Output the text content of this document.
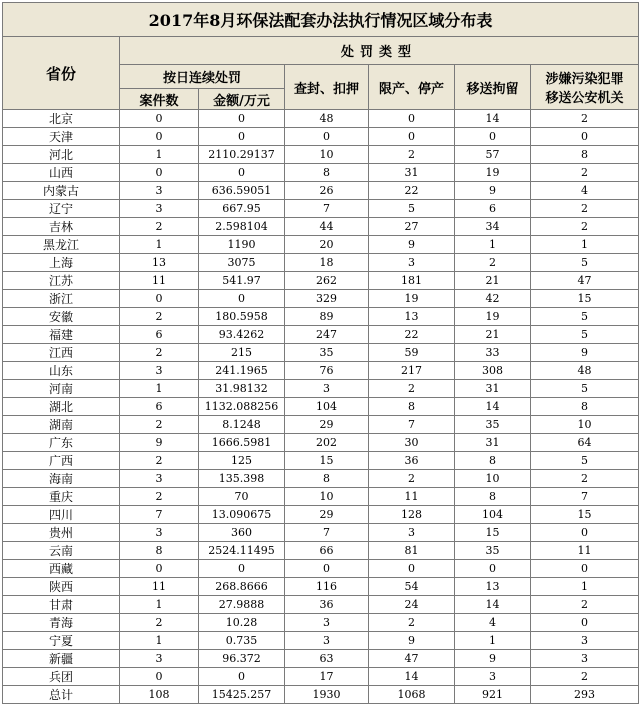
2017年8月环保法配套办法执行情况区域分布表						
省份	处罚类型					
	按日连续处罚		查封、扣押	限产、停产	移送拘留	涉嫌污染犯罪
移送公安机关
	案件数	金额/万元				
北京	0	0	48	0	14	2
天津	0	0	0	0	0	0
河北	1	2110.29137	10	2	57	8
山西	0	0	8	31	19	2
内蒙古	3	636.59051	26	22	9	4
辽宁	3	667.95	7	5	6	2
吉林	2	2.598104	44	27	34	2
黑龙江	1	1190	20	9	1	1
上海	13	3075	18	3	2	5
江苏	11	541.97	262	181	21	47
浙江	0	0	329	19	42	15
安徽	2	180.5958	89	13	19	5
福建	6	93.4262	247	22	21	5
江西	2	215	35	59	33	9
山东	3	241.1965	76	217	308	48
河南	1	31.98132	3	2	31	5
湖北	6	1132.088256	104	8	14	8
湖南	2	8.1248	29	7	35	10
广东	9	1666.5981	202	30	31	64
广西	2	125	15	36	8	5
海南	3	135.398	8	2	10	2
重庆	2	70	10	11	8	7
四川	7	13.090675	29	128	104	15
贵州	3	360	7	3	15	0
云南	8	2524.11495	66	81	35	11
西藏	0	0	0	0	0	0
陕西	11	268.8666	116	54	13	1
甘肃	1	27.9888	36	24	14	2
青海	2	10.28	3	2	4	0
宁夏	1	0.735	3	9	1	3
新疆	3	96.372	63	47	9	3
兵团	0	0	17	14	3	2
总计	108	15425.257	1930	1068	921	293
